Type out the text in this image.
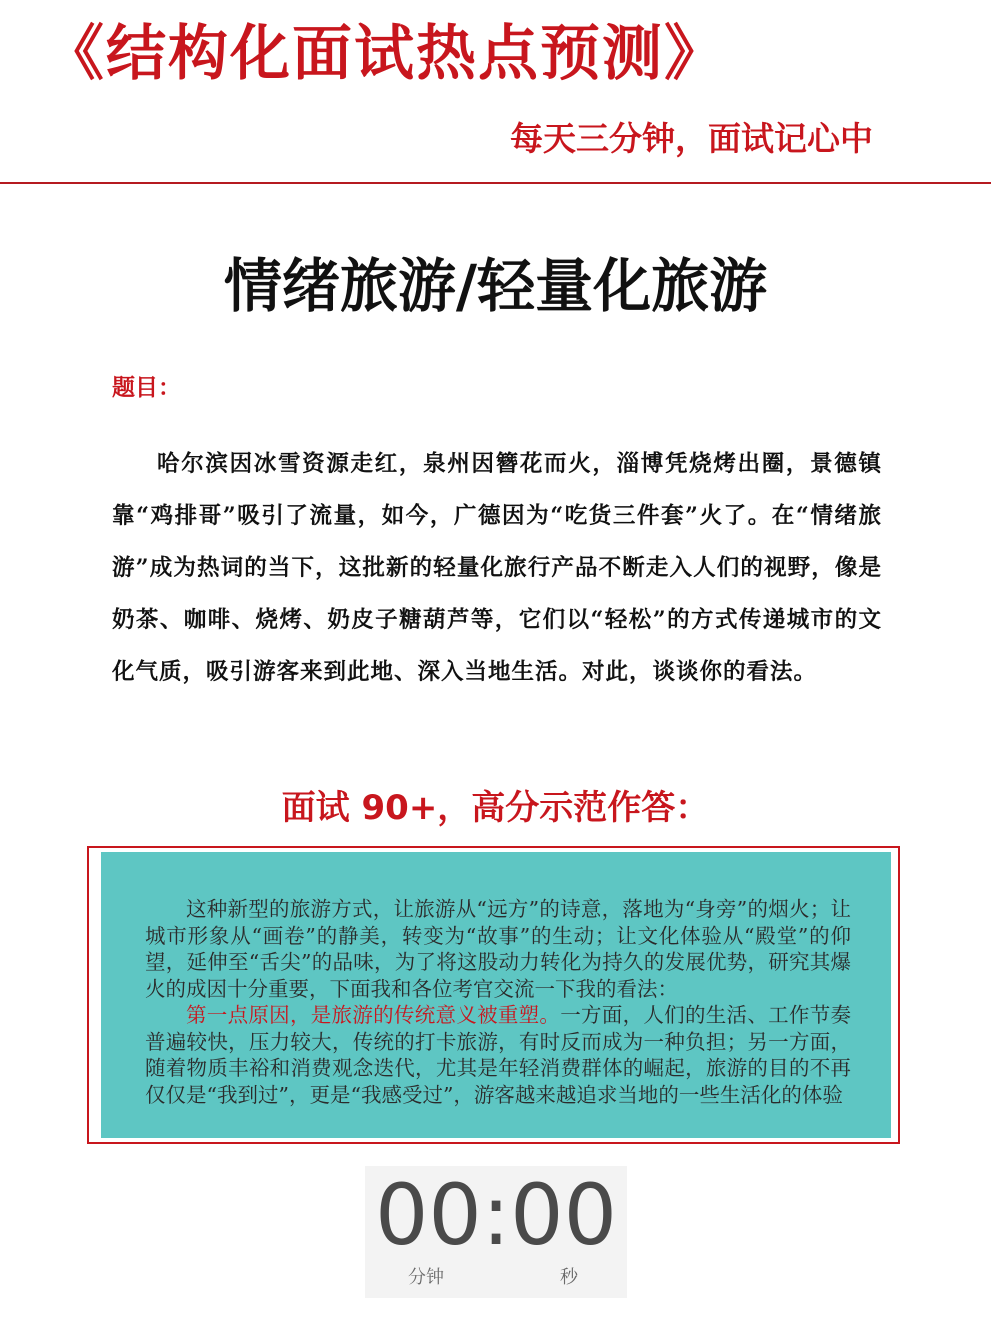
《结构化面试热点预测》
每天三分钟，面试记心中
情绪旅游/轻量化旅游
题目：
哈尔滨因冰雪资源走红，泉州因簪花而火，淄博凭烧烤出圈，景德镇靠“鸡排哥”吸引了流量，如今，广德因为“吃货三件套”火了。在“情绪旅游”成为热词的当下，这批新的轻量化旅行产品不断走入人们的视野，像是奶茶、咖啡、烧烤、奶皮子糖葫芦等，它们以“轻松”的方式传递城市的文化气质，吸引游客来到此地、深入当地生活。对此，谈谈你的看法。
面试 90+，高分示范作答：
这种新型的旅游方式，让旅游从“远方”的诗意，落地为“身旁”的烟火；让城市形象从“画卷”的静美，转变为“故事”的生动；让文化体验从“殿堂”的仰望，延伸至“舌尖”的品味，为了将这股动力转化为持久的发展优势，研究其爆火的成因十分重要，下面我和各位考官交流一下我的看法：
第一点原因，是旅游的传统意义被重塑。一方面，人们的生活、工作节奏普遍较快，压力较大，传统的打卡旅游，有时反而成为一种负担；另一方面，随着物质丰裕和消费观念迭代，尤其是年轻消费群体的崛起，旅游的目的不再仅仅是“我到过”，更是“我感受过”，游客越来越追求当地的一些生活化的体验
00:00
分钟	秒
